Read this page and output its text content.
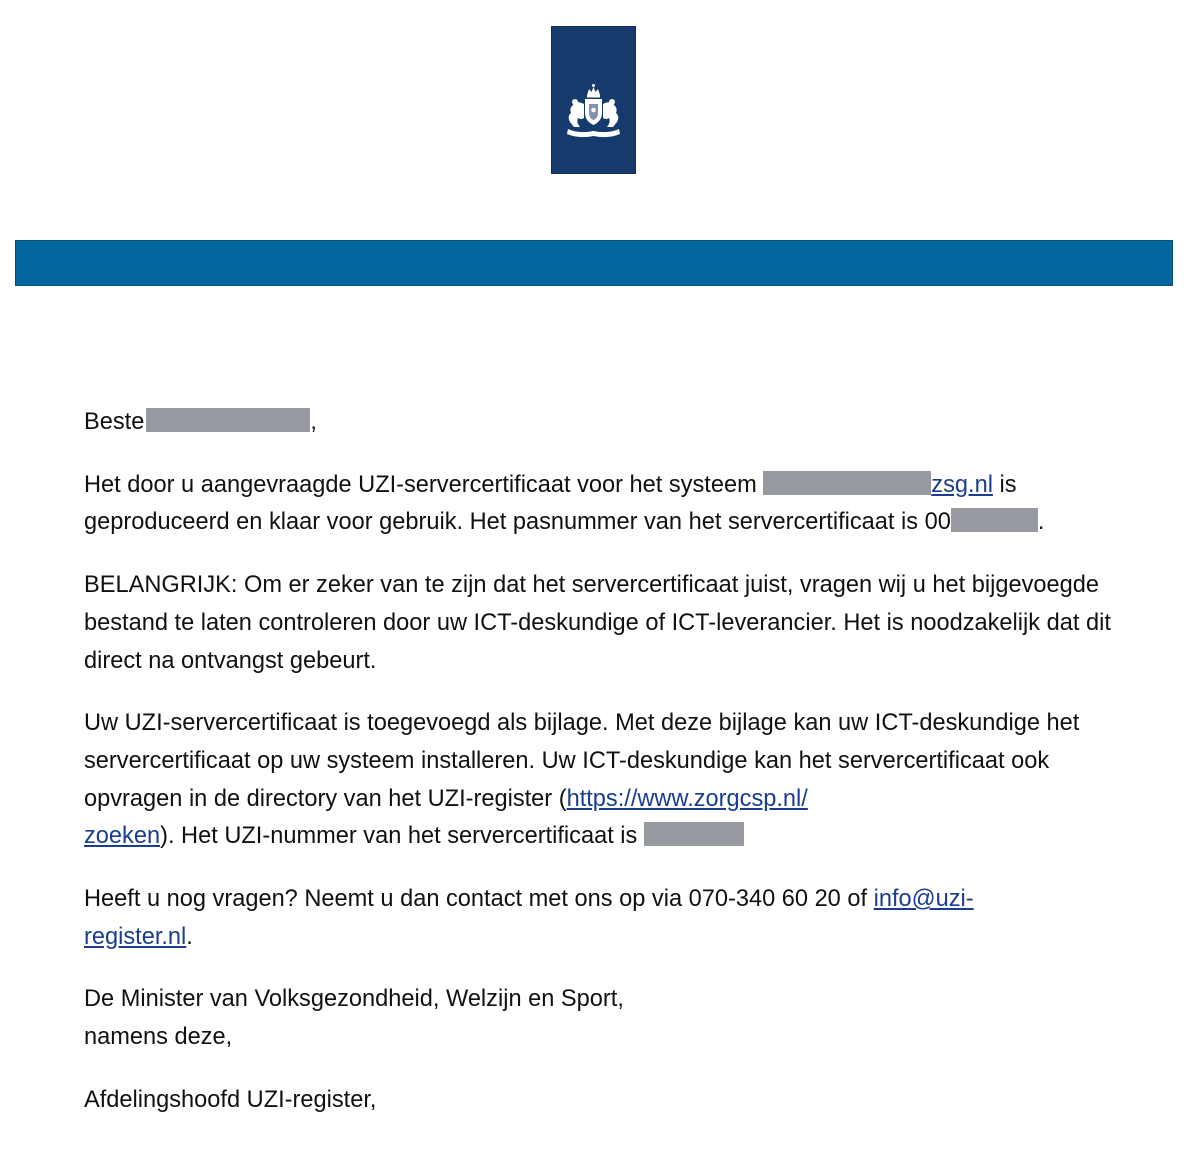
Beste	,

Het door u aangevraagde UZI-servercertificaat voor het systeem	zsg.nl is geproduceerd en klaar voor gebruik. Het pasnummer van het servercertificaat is 00	.

BELANGRIJK: Om er zeker van te zijn dat het servercertificaat juist, vragen wij u het bijgevoegde bestand te laten controleren door uw ICT-deskundige of ICT-leverancier. Het is noodzakelijk dat dit direct na ontvangst gebeurt.

Uw UZI-servercertificaat is toegevoegd als bijlage. Met deze bijlage kan uw ICT-deskundige het servercertificaat op uw systeem installeren. Uw ICT-deskundige kan het servercertificaat ook opvragen in de directory van het UZI-register (https://www.zorgcsp.nl/
zoeken). Het UZI-nummer van het servercertificaat is

Heeft u nog vragen? Neemt u dan contact met ons op via 070-340 60 20 of info@uzi-
register.nl.

De Minister van Volksgezondheid, Welzijn en Sport,
namens deze,

Afdelingshoofd UZI-register,
